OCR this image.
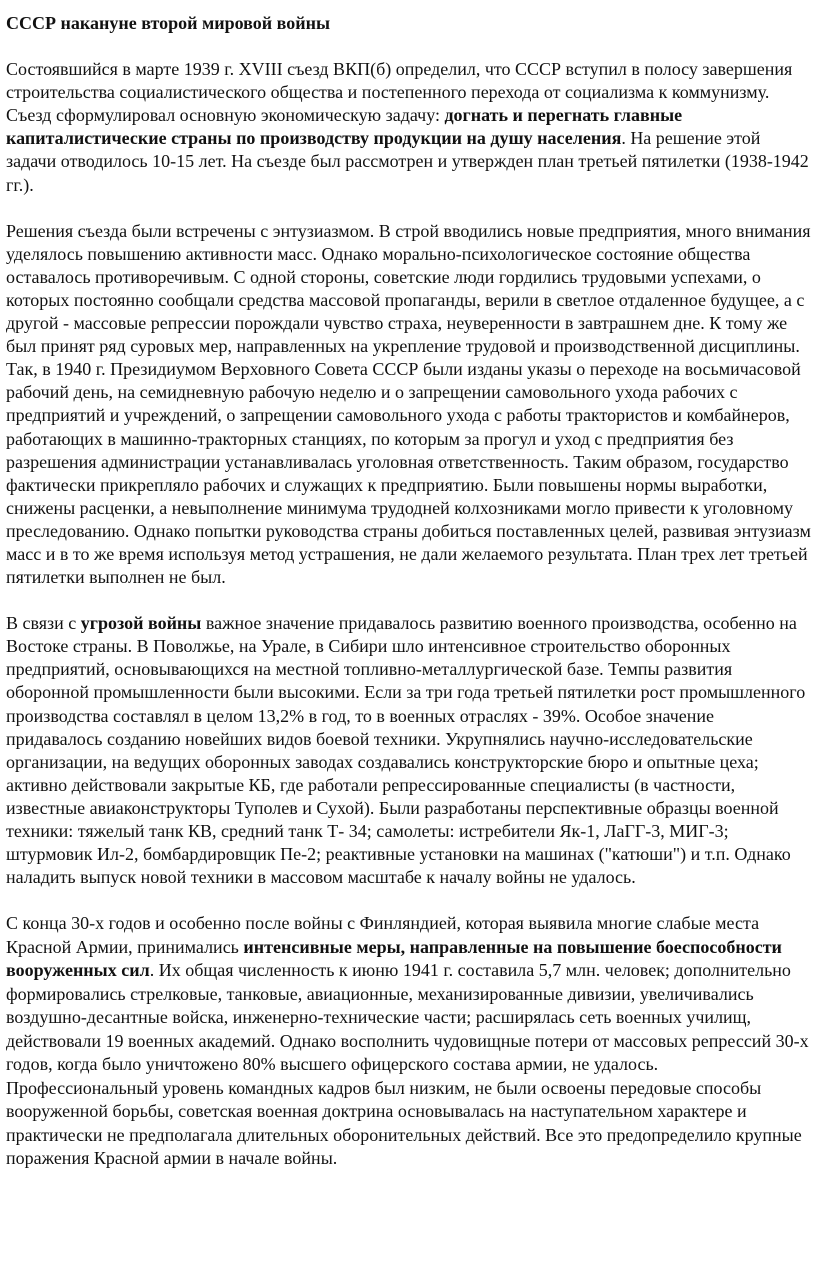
СССР накануне второй мировой войны
Состоявшийся в марте 1939 г. XVIII съезд ВКП(б) определил, что СССР вступил в полосу завершения строительства социалистического общества и постепенного перехода от социализма к коммунизму. Съезд сформулировал основную экономическую задачу: догнать и перегнать главные капиталистические страны по производству продукции на душу населения. На решение этой задачи отводилось 10-15 лет. На съезде был рассмотрен и утвержден план третьей пятилетки (1938-1942 гг.).
Решения съезда были встречены с энтузиазмом. В строй вводились новые предприятия, много внимания уделялось повышению активности масс. Однако морально-психологическое состояние общества оставалось противоречивым. С одной стороны, советские люди гордились трудовыми успехами, о которых постоянно сообщали средства массовой пропаганды, верили в светлое отдаленное будущее, а с другой - массовые репрессии порождали чувство страха, неуверенности в завтрашнем дне. К тому же был принят ряд суровых мер, направленных на укрепление трудовой и производственной дисциплины. Так, в 1940 г. Президиумом Верховного Совета СССР были изданы указы о переходе на восьмичасовой рабочий день, на семидневную рабочую неделю и о запрещении самовольного ухода рабочих с предприятий и учреждений, о запрещении самовольного ухода с работы трактористов и комбайнеров, работающих в машинно-тракторных станциях, по которым за прогул и уход с предприятия без разрешения администрации устанавливалась уголовная ответственность. Таким образом, государство фактически прикрепляло рабочих и служащих к предприятию. Были повышены нормы выработки, снижены расценки, а невыполнение минимума трудодней колхозниками могло привести к уголовному преследованию. Однако попытки руководства страны добиться поставленных целей, развивая энтузиазм масс и в то же время используя метод устрашения, не дали желаемого результата. План трех лет третьей пятилетки выполнен не был.
В связи с угрозой войны важное значение придавалось развитию военного производства, особенно на Востоке страны. В Поволжье, на Урале, в Сибири шло интенсивное строительство оборонных предприятий, основывающихся на местной топливно-металлургической базе. Темпы развития оборонной промышленности были высокими. Если за три года третьей пятилетки рост промышленного производства составлял в целом 13,2% в год, то в военных отраслях - 39%. Особое значение придавалось созданию новейших видов боевой техники. Укрупнялись научно-исследовательские организации, на ведущих оборонных заводах создавались конструкторские бюро и опытные цеха; активно действовали закрытые КБ, где работали репрессированные специалисты (в частности, известные авиаконструкторы Туполев и Сухой). Были разработаны перспективные образцы военной техники: тяжелый танк КВ, средний танк Т- 34; самолеты: истребители Як-1, ЛаГГ-3, МИГ-3; штурмовик Ил-2, бомбардировщик Пе-2; реактивные установки на машинах ("катюши") и т.п. Однако наладить выпуск новой техники в массовом масштабе к началу войны не удалось.
С конца 30-х годов и особенно после войны с Финляндией, которая выявила многие слабые места Красной Армии, принимались интенсивные меры, направленные на повышение боеспособности вооруженных сил. Их общая численность к июню 1941 г. составила 5,7 млн. человек; дополнительно формировались стрелковые, танковые, авиационные, механизированные дивизии, увеличивались воздушно-десантные войска, инженерно-технические части; расширялась сеть военных училищ, действовали 19 военных академий. Однако восполнить чудовищные потери от массовых репрессий 30-х годов, когда было уничтожено 80% высшего офицерского состава армии, не удалось. Профессиональный уровень командных кадров был низким, не были освоены передовые способы вооруженной борьбы, советская военная доктрина основывалась на наступательном характере и практически не предполагала длительных оборонительных действий. Все это предопределило крупные поражения Красной армии в начале войны.
